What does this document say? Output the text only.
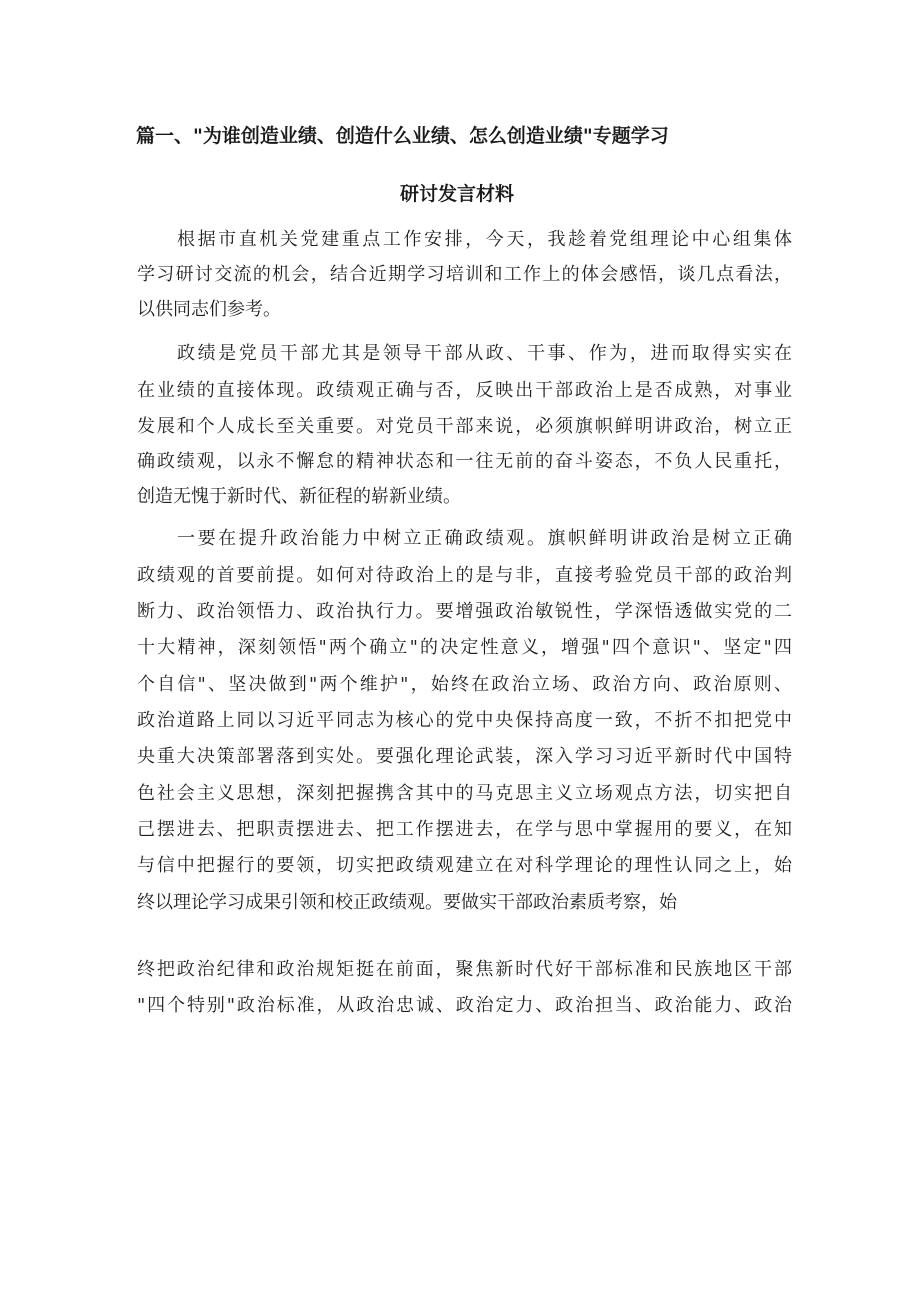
篇一、"为谁创造业绩、创造什么业绩、怎么创造业绩"专题学习
研讨发言材料
根据市直机关党建重点工作安排，今天，我趁着党组理论中心组集体
学习研讨交流的机会，结合近期学习培训和工作上的体会感悟，谈几点看法，
以供同志们参考。
政绩是党员干部尤其是领导干部从政、干事、作为，进而取得实实在
在业绩的直接体现。政绩观正确与否，反映出干部政治上是否成熟，对事业
发展和个人成长至关重要。对党员干部来说，必须旗帜鲜明讲政治，树立正
确政绩观，以永不懈怠的精神状态和一往无前的奋斗姿态，不负人民重托，
创造无愧于新时代、新征程的崭新业绩。
一要在提升政治能力中树立正确政绩观。旗帜鲜明讲政治是树立正确
政绩观的首要前提。如何对待政治上的是与非，直接考验党员干部的政治判
断力、政治领悟力、政治执行力。要增强政治敏锐性，学深悟透做实党的二
十大精神，深刻领悟"两个确立"的决定性意义，增强"四个意识"、坚定"四
个自信"、坚决做到"两个维护"，始终在政治立场、政治方向、政治原则、
政治道路上同以习近平同志为核心的党中央保持高度一致，不折不扣把党中
央重大决策部署落到实处。要强化理论武装，深入学习习近平新时代中国特
色社会主义思想，深刻把握携含其中的马克思主义立场观点方法，切实把自
己摆进去、把职责摆进去、把工作摆进去，在学与思中掌握用的要义，在知
与信中把握行的要领，切实把政绩观建立在对科学理论的理性认同之上，始
终以理论学习成果引领和校正政绩观。要做实干部政治素质考察，始
终把政治纪律和政治规矩挺在前面，聚焦新时代好干部标准和民族地区干部
"四个特别"政治标准，从政治忠诚、政治定力、政治担当、政治能力、政治
